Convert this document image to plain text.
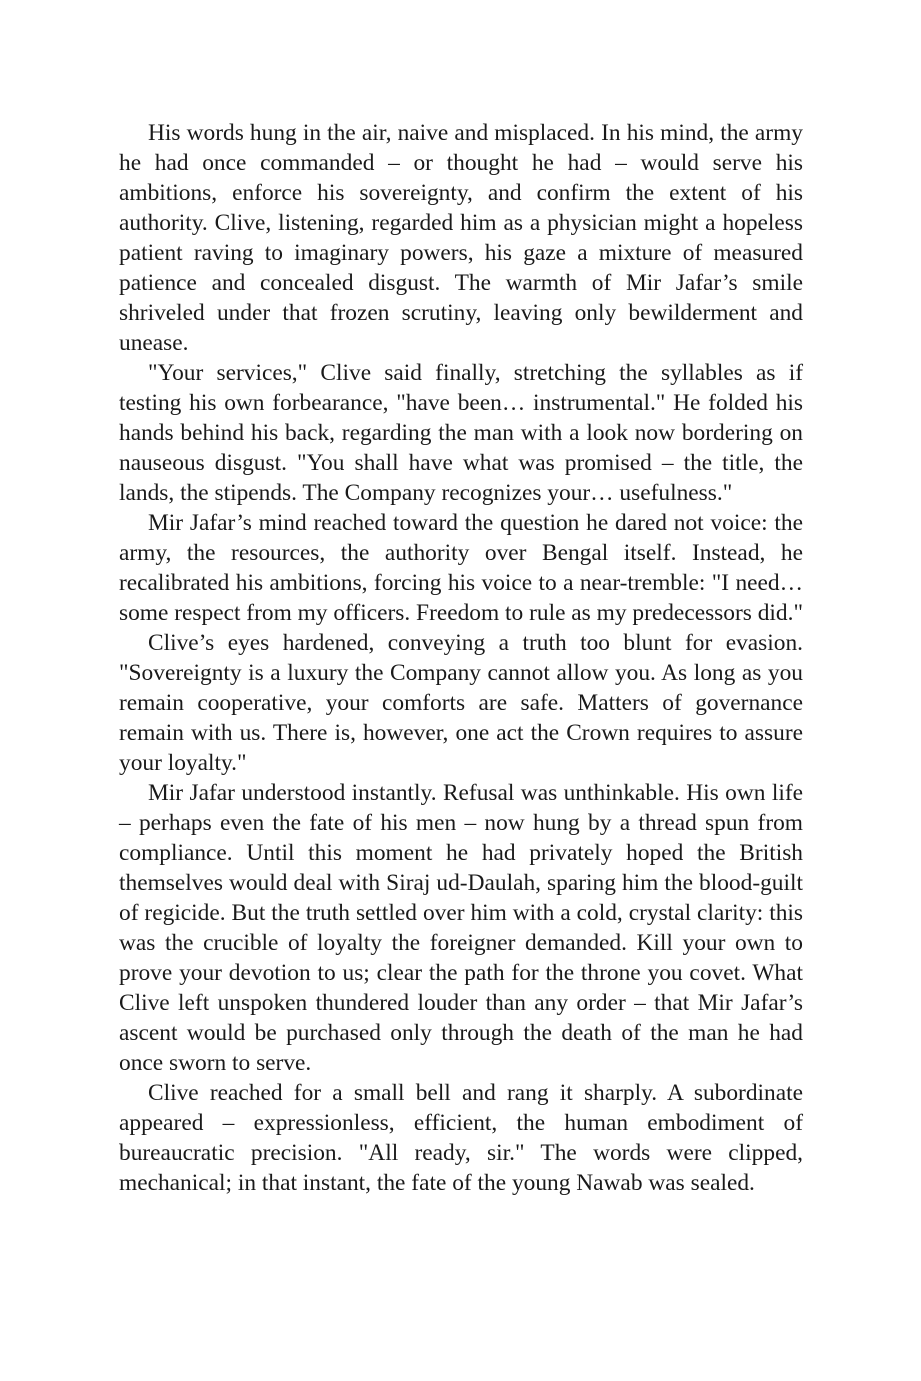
His words hung in the air, naive and misplaced. In his mind, the army he had once commanded – or thought he had – would serve his ambitions, enforce his sovereignty, and confirm the extent of his authority. Clive, listening, regarded him as a physician might a hopeless patient raving to imaginary powers, his gaze a mixture of measured patience and concealed disgust. The warmth of Mir Jafar’s smile shriveled under that frozen scrutiny, leaving only bewilderment and unease.

"Your services," Clive said finally, stretching the syllables as if testing his own forbearance, "have been… instrumental." He folded his hands behind his back, regarding the man with a look now bordering on nauseous disgust. "You shall have what was promised – the title, the lands, the stipends. The Company recognizes your… usefulness."

Mir Jafar’s mind reached toward the question he dared not voice: the army, the resources, the authority over Bengal itself. Instead, he recalibrated his ambitions, forcing his voice to a near-tremble: "I need… some respect from my officers. Freedom to rule as my predecessors did."

Clive’s eyes hardened, conveying a truth too blunt for evasion. "Sovereignty is a luxury the Company cannot allow you. As long as you remain cooperative, your comforts are safe. Matters of governance remain with us. There is, however, one act the Crown requires to assure your loyalty."

Mir Jafar understood instantly. Refusal was unthinkable. His own life – perhaps even the fate of his men – now hung by a thread spun from compliance. Until this moment he had privately hoped the British themselves would deal with Siraj ud-Daulah, sparing him the blood-guilt of regicide. But the truth settled over him with a cold, crystal clarity: this was the crucible of loyalty the foreigner demanded. Kill your own to prove your devotion to us; clear the path for the throne you covet. What Clive left unspoken thundered louder than any order – that Mir Jafar’s ascent would be purchased only through the death of the man he had once sworn to serve.

Clive reached for a small bell and rang it sharply. A subordinate appeared – expressionless, efficient, the human embodiment of bureaucratic precision. "All ready, sir." The words were clipped, mechanical; in that instant, the fate of the young Nawab was sealed.
